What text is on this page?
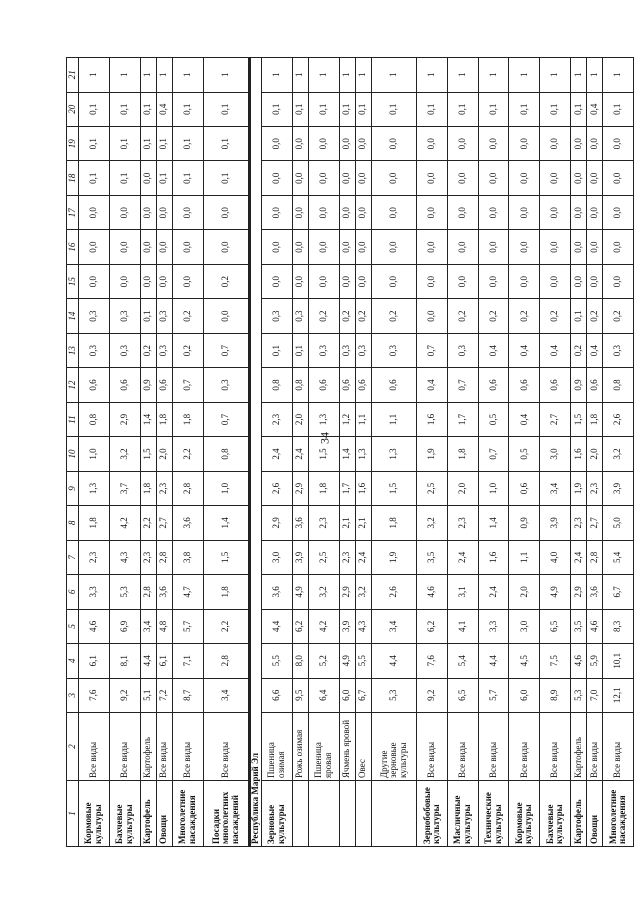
34
1	2	3	4	5	6	7	8	9	10	11	12	13	14	15	16	17	18	19	20	21
Кормовые культуры	Все виды	7,6	6,1	4,6	3,3	2,3	1,8	1,3	1,0	0,8	0,6	0,3	0,3	0,0	0,0	0,0	0,1	0,1	0,1	1
Бахчевые культуры	Все виды	9,2	8,1	6,9	5,3	4,3	4,2	3,7	3,2	2,9	0,6	0,3	0,3	0,0	0,0	0,0	0,1	0,1	0,1	1
Картофель	Картофель	5,1	4,4	3,4	2,8	2,3	2,2	1,8	1,5	1,4	0,9	0,2	0,1	0,0	0,0	0,0	0,0	0,1	0,1	1
Овощи	Все виды	7,2	6,1	4,8	3,6	2,8	2,7	2,3	2,0	1,8	0,6	0,3	0,3	0,0	0,0	0,0	0,1	0,1	0,4	1
Многолетние насаждения	Все виды	8,7	7,1	5,7	4,7	3,8	3,6	2,8	2,2	1,8	0,7	0,2	0,2	0,0	0,0	0,0	0,1	0,1	0,1	1
Посадки многолетних насаждений	Все виды	3,4	2,8	2,2	1,8	1,5	1,4	1,0	0,8	0,7	0,3	0,7	0,0	0,2	0,0	0,0	0,1	0,1	0,1	1
Республика Марий Эл																				
Зерновые культуры	Пшеница озимая	6,6	5,5	4,4	3,6	3,0	2,9	2,6	2,4	2,3	0,8	0,1	0,3	0,0	0,0	0,0	0,0	0,0	0,1	1
	Рожь озимая	9,5	8,0	6,2	4,9	3,9	3,6	2,9	2,4	2,0	0,8	0,1	0,3	0,0	0,0	0,0	0,0	0,0	0,1	1
	Пшеница яровая	6,4	5,2	4,2	3,2	2,5	2,3	1,8	1,5	1,3	0,6	0,3	0,2	0,0	0,0	0,0	0,0	0,0	0,1	1
	Ячмень яровой	6,0	4,9	3,9	2,9	2,3	2,1	1,7	1,4	1,2	0,6	0,3	0,2	0,0	0,0	0,0	0,0	0,0	0,1	1
	Овес	6,7	5,5	4,3	3,2	2,4	2,1	1,6	1,3	1,1	0,6	0,3	0,2	0,0	0,0	0,0	0,0	0,0	0,1	1
	Другие зерновые культуры	5,3	4,4	3,4	2,6	1,9	1,8	1,5	1,3	1,1	0,6	0,3	0,2	0,0	0,0	0,0	0,0	0,0	0,1	1
Зернобобовые культуры	Все виды	9,2	7,6	6,2	4,6	3,5	3,2	2,5	1,9	1,6	0,4	0,7	0,0	0,0	0,0	0,0	0,0	0,0	0,1	1
Масличные культуры	Все виды	6,5	5,4	4,1	3,1	2,4	2,3	2,0	1,8	1,7	0,7	0,3	0,2	0,0	0,0	0,0	0,0	0,0	0,1	1
Технические культуры	Все виды	5,7	4,4	3,3	2,4	1,6	1,4	1,0	0,7	0,5	0,6	0,4	0,2	0,0	0,0	0,0	0,0	0,0	0,1	1
Кормовые культуры	Все виды	6,0	4,5	3,0	2,0	1,1	0,9	0,6	0,5	0,4	0,6	0,4	0,2	0,0	0,0	0,0	0,0	0,0	0,1	1
Бахчевые культуры	Все виды	8,9	7,5	6,5	4,9	4,0	3,9	3,4	3,0	2,7	0,6	0,4	0,2	0,0	0,0	0,0	0,0	0,0	0,1	1
Картофель	Картофель	5,3	4,6	3,5	2,9	2,4	2,3	1,9	1,6	1,5	0,9	0,2	0,1	0,0	0,0	0,0	0,0	0,0	0,1	1
Овощи	Все виды	7,0	5,9	4,6	3,6	2,8	2,7	2,3	2,0	1,8	0,6	0,4	0,2	0,0	0,0	0,0	0,0	0,0	0,4	1
Многолетние насаждения	Все виды	12,1	10,1	8,3	6,7	5,4	5,0	3,9	3,2	2,6	0,8	0,3	0,2	0,0	0,0	0,0	0,0	0,0	0,1	1
